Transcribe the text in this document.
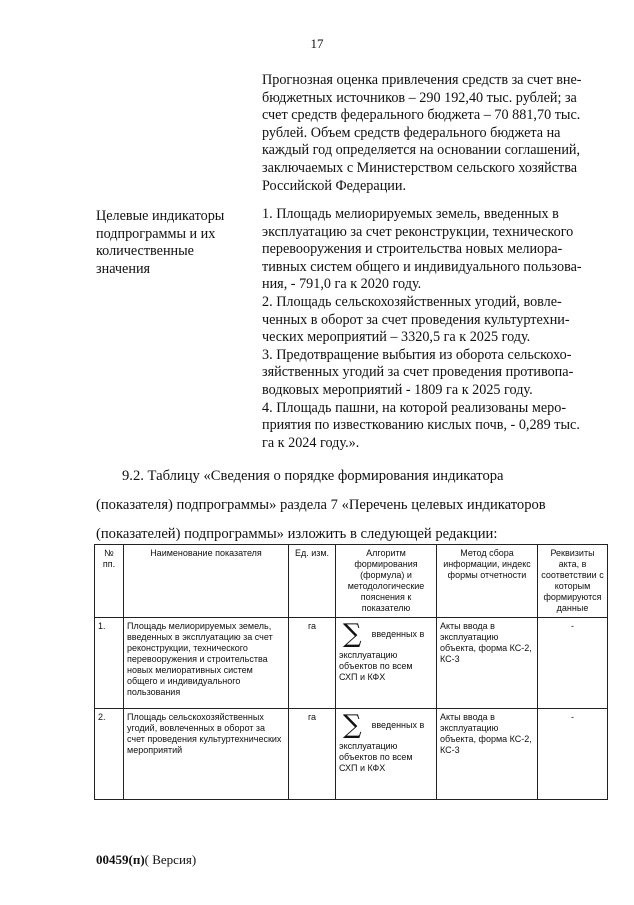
17
Прогнозная оценка привлечения средств за счет вне-
бюджетных источников – 290 192,40 тыс. рублей; за
счет средств федерального бюджета – 70 881,70 тыс.
рублей. Объем средств федерального бюджета на
каждый год определяется на основании соглашений,
заключаемых с Министерством сельского хозяйства
Российской Федерации.
Целевые индикаторы
подпрограммы и их
количественные
значения
1. Площадь мелиорируемых земель, введенных в
эксплуатацию за счет реконструкции, технического
перевооружения и строительства новых мелиора-
тивных систем общего и индивидуального пользова-
ния, - 791,0 га к 2020 году.
2. Площадь сельскохозяйственных угодий, вовле-
ченных в оборот за счет проведения культуртехни-
ческих мероприятий – 3320,5 га к 2025 году.
3. Предотвращение выбытия из оборота сельскохо-
зяйственных угодий за счет проведения противопа-
водковых мероприятий - 1809 га к 2025 году.
4. Площадь пашни, на которой реализованы меро-
приятия по известкованию кислых почв, - 0,289 тыс.
га к 2024 году.».
9.2. Таблицу «Сведения о порядке формирования индикатора
(показателя) подпрограммы» раздела 7 «Перечень целевых индикаторов
(показателей) подпрограммы» изложить в следующей редакции:
№ пп.	Наименование показателя	Ед. изм.	Алгоритм формирования (формула) и методологические пояснения к показателю	Метод сбора информации, индекс формы отчетности	Реквизиты акта, в соответствии с которым формируются данные
1.	Площадь мелиорируемых земель, введенных в эксплуатацию за счет реконструкции, технического перевооружения и строительства новых мелиоративных систем общего и индивидуального пользования	га	∑ введенных в
эксплуатацию объектов по всем СХП и КФХ	Акты ввода в эксплуатацию объекта, форма КС-2, КС-3	-
2.	Площадь сельскохозяйственных угодий, вовлеченных в оборот за счет проведения культуртехнических мероприятий	га	∑ введенных в
эксплуатацию объектов по всем СХП и КФХ	Акты ввода в эксплуатацию объекта, форма КС-2, КС-3	-
00459(п)( Версия)
